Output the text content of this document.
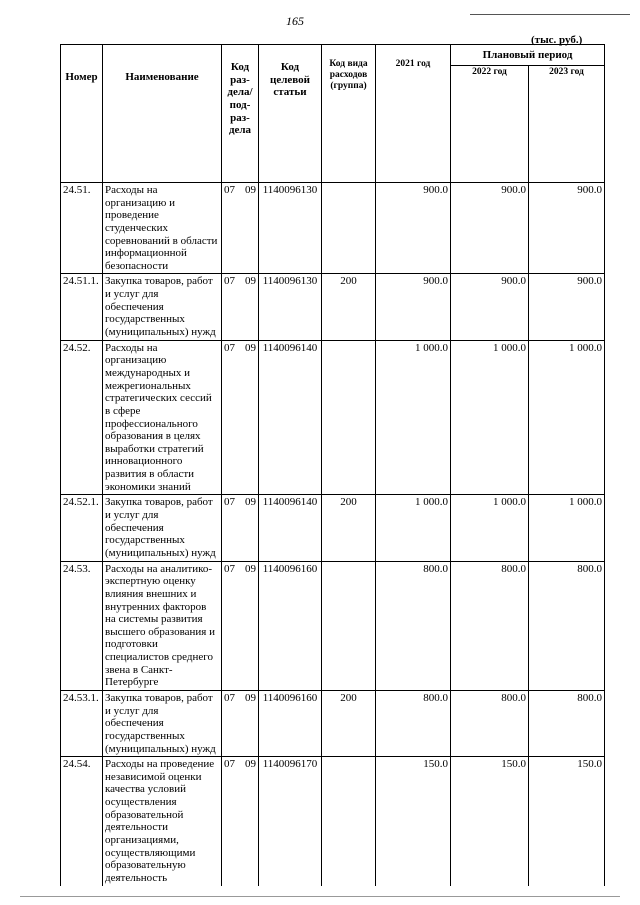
165
(тыс. руб.)
Номер	Наименование	Код раз- дела/ под- раз- дела	Код целевой статьи	Код вида расходов (группа)	2021 год	Плановый период	
						2022 год	2023 год

24.51.	Расходы на организацию и проведение студенческих соревнований в области информационной безопасности	07 09	1140096130		900.0	900.0	900.0
24.51.1.	Закупка товаров, работ и услуг для обеспечения государственных (муниципальных) нужд	07 09	1140096130	200	900.0	900.0	900.0
24.52.	Расходы на организацию международных и межрегиональных стратегических сессий в сфере профессионального образования в целях выработки стратегий инновационного развития в области экономики знаний	07 09	1140096140		1 000.0	1 000.0	1 000.0
24.52.1.	Закупка товаров, работ и услуг для обеспечения государственных (муниципальных) нужд	07 09	1140096140	200	1 000.0	1 000.0	1 000.0
24.53.	Расходы на аналитико-экспертную оценку влияния внешних и внутренних факторов на системы развития высшего образования и подготовки специалистов среднего звена в Санкт-Петербурге	07 09	1140096160		800.0	800.0	800.0
24.53.1.	Закупка товаров, работ и услуг для обеспечения государственных (муниципальных) нужд	07 09	1140096160	200	800.0	800.0	800.0
24.54.	Расходы на проведение независимой оценки качества условий осуществления образовательной деятельности организациями, осуществляющими образовательную деятельность	07 09	1140096170		150.0	150.0	150.0
